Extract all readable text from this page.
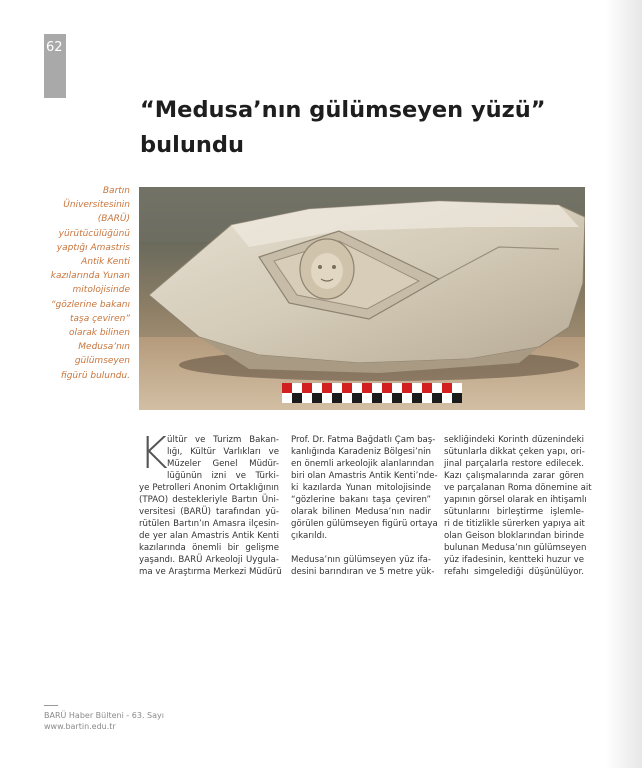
62
“Medusa’nın gülümseyen yüzü”
bulundu
Bartın
Üniversitesinin
(BARÜ)
yürütücülüğünü
yaptığı Amastris
Antik Kenti
kazılarında Yunan
mitolojisinde
“gözlerine bakanı
taşa çeviren”
olarak bilinen
Medusa’nın
gülümseyen
figürü bulundu.
K ültür ve Turizm Bakan-
lığı, Kültür Varlıkları ve
Müzeler Genel Müdür-
lüğünün izni ve Türki-
ye Petrolleri Anonim Ortaklığının
(TPAO) destekleriyle Bartın Üni-
versitesi (BARÜ) tarafından yü-
rütülen Bartın’ın Amasra ilçesin-
de yer alan Amastris Antik Kenti
kazılarında önemli bir gelişme
yaşandı. BARÜ Arkeoloji Uygula-
ma ve Araştırma Merkezi Müdürü
Prof. Dr. Fatma Bağdatlı Çam baş-
kanlığında Karadeniz Bölgesi’nin
en önemli arkeolojik alanlarından
biri olan Amastris Antik Kenti’nde-
ki kazılarda Yunan mitolojisinde
“gözlerine bakanı taşa çeviren”
olarak bilinen Medusa’nın nadir
görülen gülümseyen figürü ortaya
çıkarıldı.
Medusa’nın gülümseyen yüz ifa-
desini barındıran ve 5 metre yük-
sekliğindeki Korinth düzenindeki
sütunlarla dikkat çeken yapı, ori-
jinal parçalarla restore edilecek.
Kazı çalışmalarında zarar gören
ve parçalanan Roma dönemine ait
yapının görsel olarak en ihtişamlı
sütunlarını birleştirme işlemle-
ri de titizlikle sürerken yapıya ait
olan Geison bloklarından birinde
bulunan Medusa’nın gülümseyen
yüz ifadesinin, kentteki huzur ve
refahı simgelediği düşünülüyor.
BARÜ Haber Bülteni - 63. Sayı
www.bartin.edu.tr
